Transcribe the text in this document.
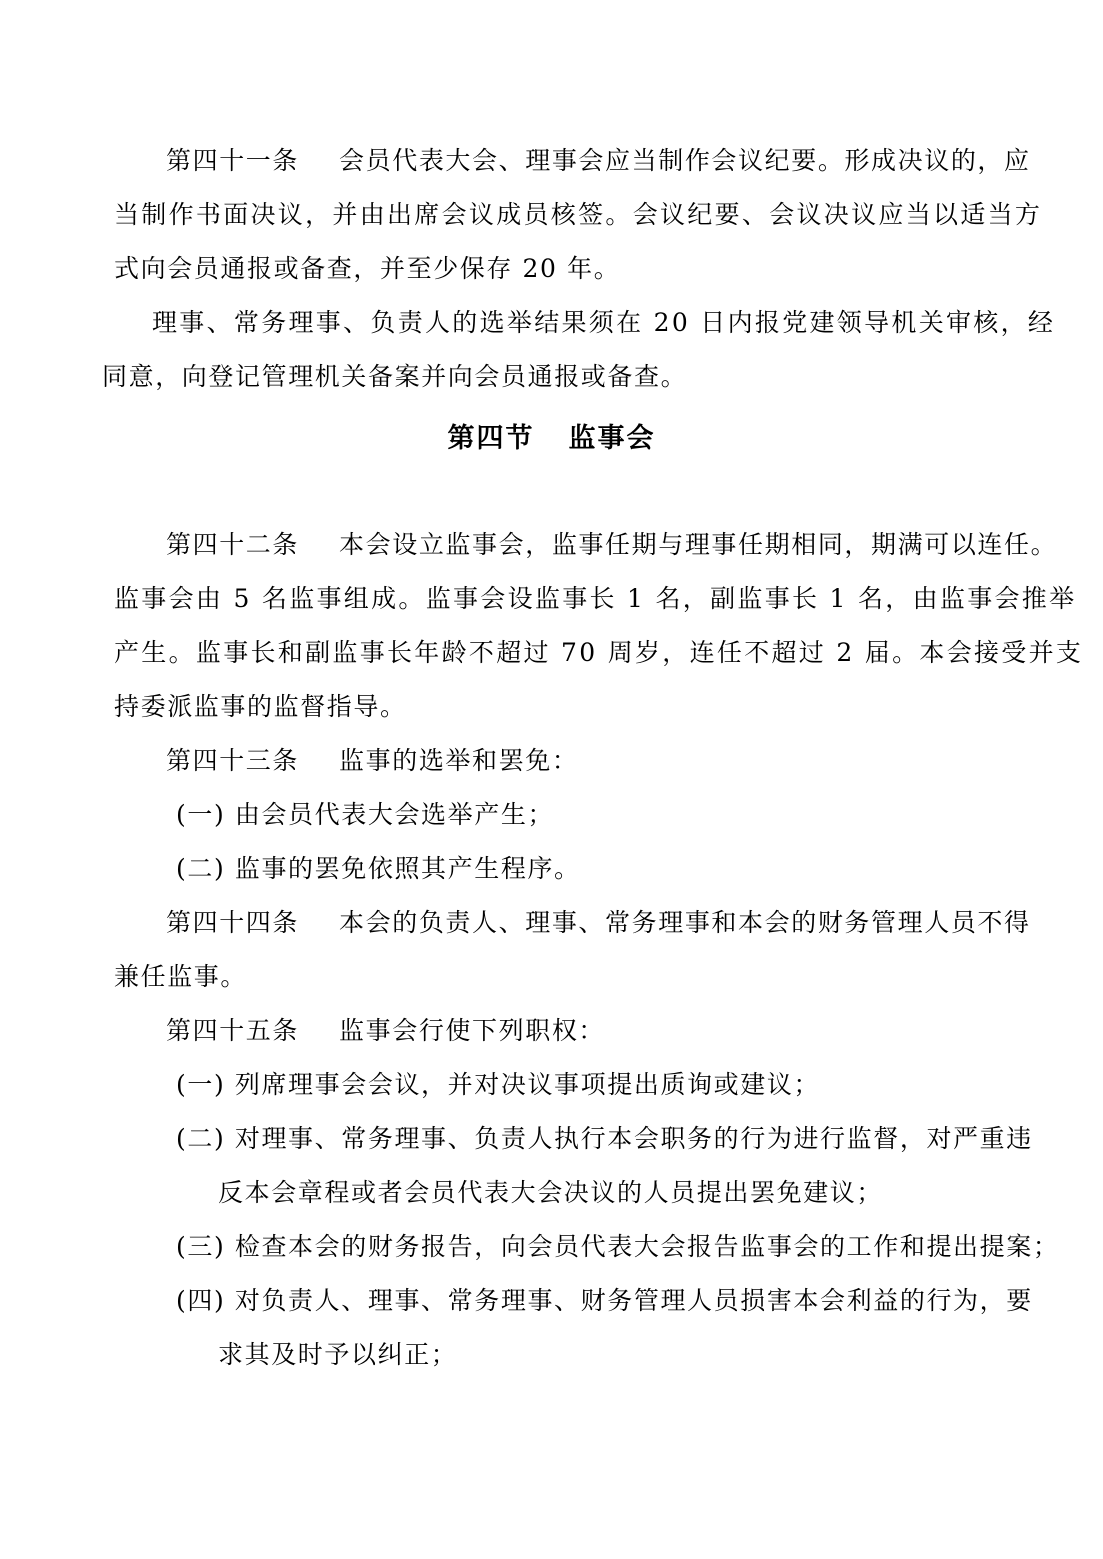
第四十一条 会员代表大会、理事会应当制作会议纪要。形成决议的，应
当制作书面决议，并由出席会议成员核签。会议纪要、会议决议应当以适当方
式向会员通报或备查，并至少保存 20 年。
理事、常务理事、负责人的选举结果须在 20 日内报党建领导机关审核，经
同意，向登记管理机关备案并向会员通报或备查。
第四节 监事会
第四十二条 本会设立监事会，监事任期与理事任期相同，期满可以连任。
监事会由 5 名监事组成。监事会设监事长 1 名，副监事长 1 名，由监事会推举
产生。监事长和副监事长年龄不超过 70 周岁，连任不超过 2 届。本会接受并支
持委派监事的监督指导。
第四十三条 监事的选举和罢免：
(一) 由会员代表大会选举产生；
(二) 监事的罢免依照其产生程序。
第四十四条 本会的负责人、理事、常务理事和本会的财务管理人员不得
兼任监事。
第四十五条 监事会行使下列职权：
(一) 列席理事会会议，并对决议事项提出质询或建议；
(二) 对理事、常务理事、负责人执行本会职务的行为进行监督，对严重违
反本会章程或者会员代表大会决议的人员提出罢免建议；
(三) 检查本会的财务报告，向会员代表大会报告监事会的工作和提出提案；
(四) 对负责人、理事、常务理事、财务管理人员损害本会利益的行为，要
求其及时予以纠正；
